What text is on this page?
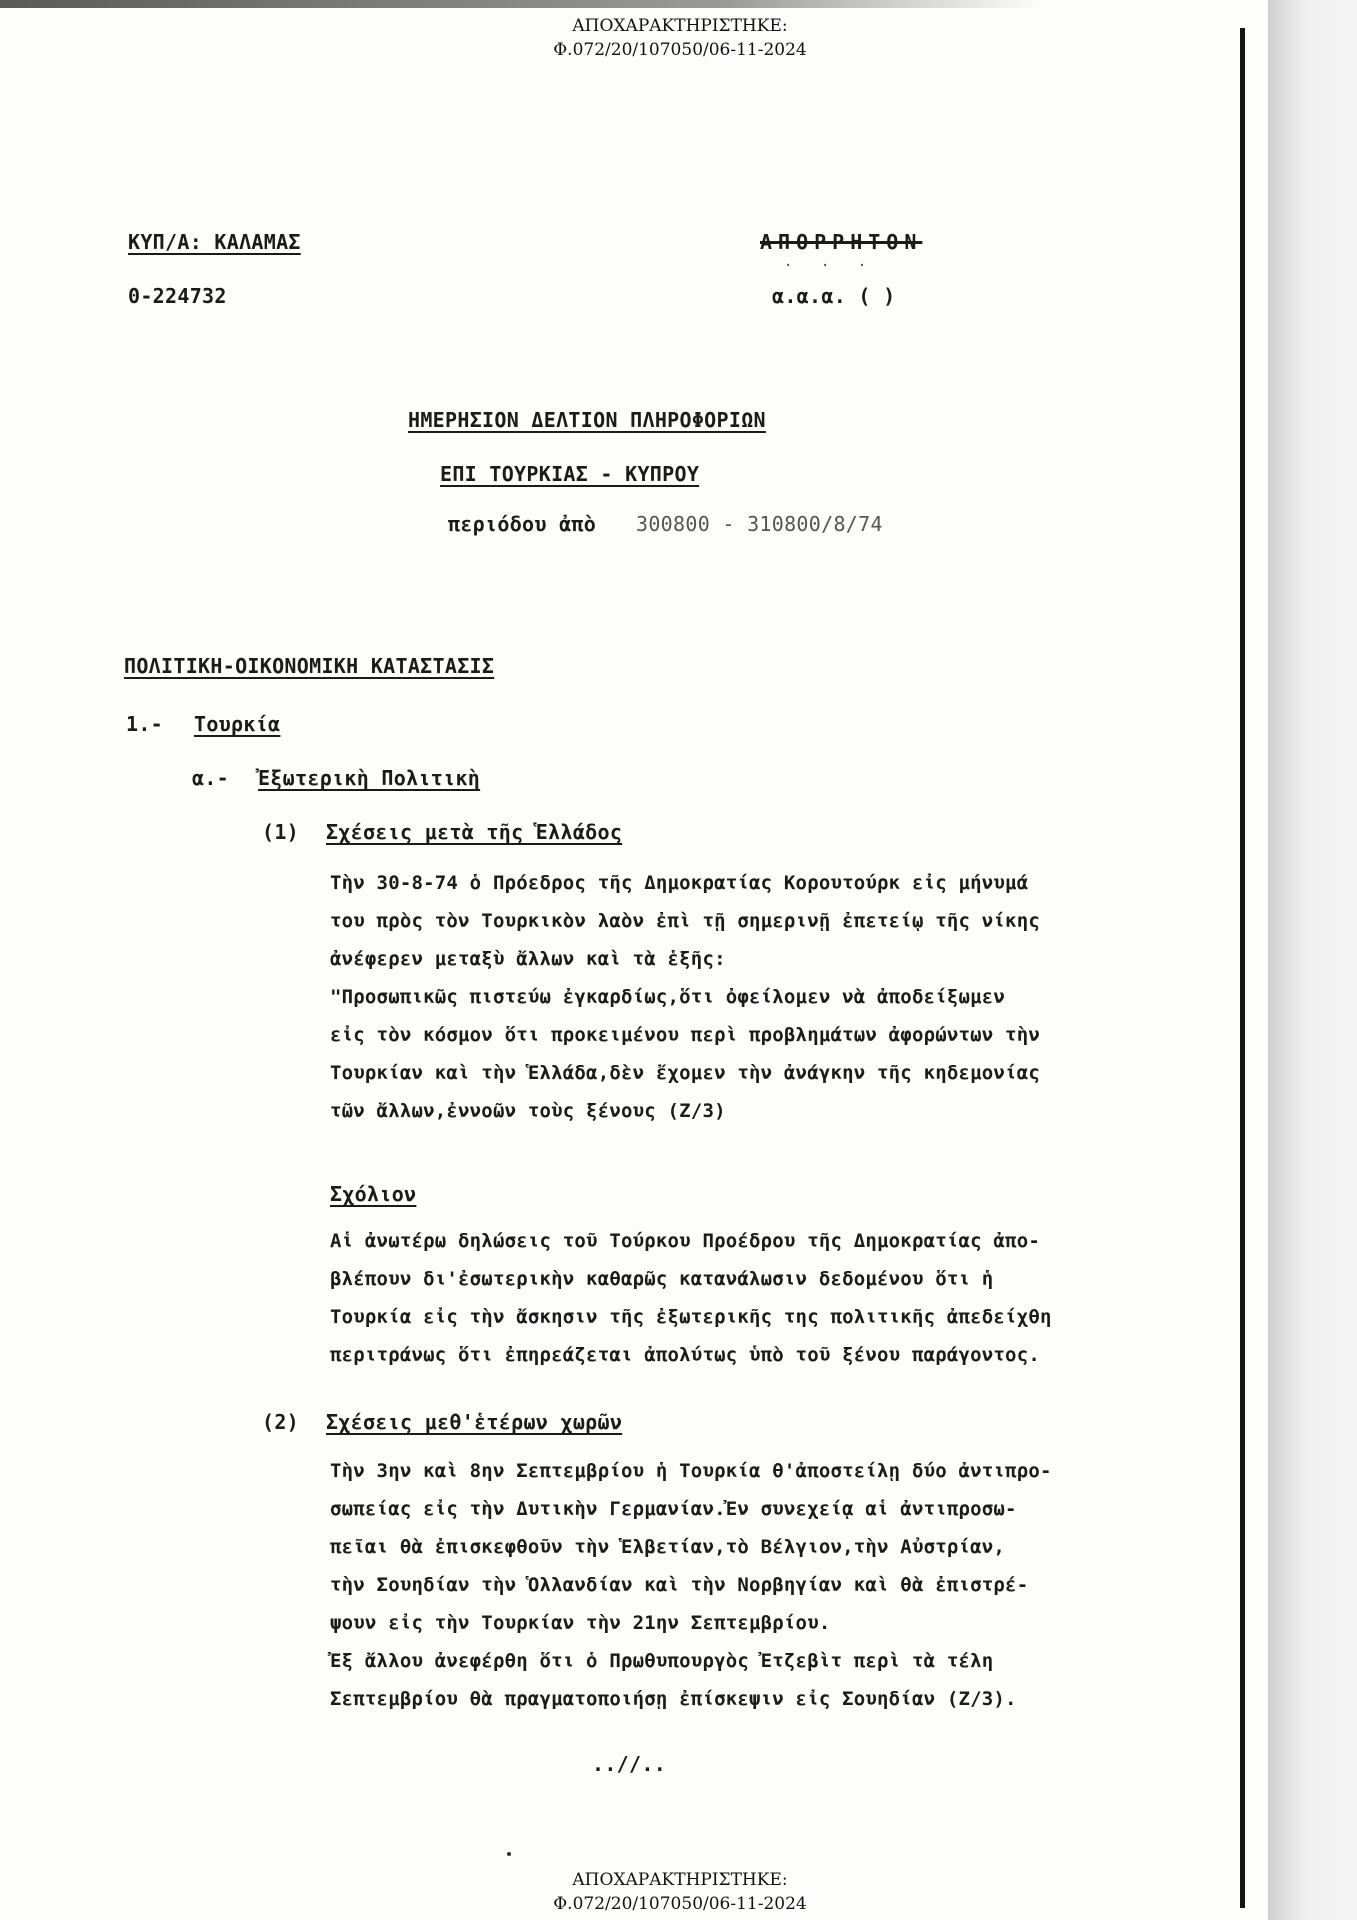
ΑΠΟΧΑΡΑΚΤΗΡΙΣΤΗΚΕ:
Φ.072/20/107050/06-11-2024
ΚΥΠ/Α: ΚΑΛΑΜΑΣ
0-224732
ΑΠΟΡΡΗΤΟΝ
· · ·
α.α.α. ( )
ΗΜΕΡΗΣΙΟΝ ΔΕΛΤΙΟΝ ΠΛΗΡΟΦΟΡΙΩΝ
ΕΠΙ ΤΟΥΡΚΙΑΣ - ΚΥΠΡΟΥ
περιόδου ἀπὸ 300800 - 310800/8/74
ΠΟΛΙΤΙΚΗ-ΟΙΚΟΝΟΜΙΚΗ ΚΑΤΑΣΤΑΣΙΣ
1.- Τουρκία
α.- Ἐξωτερικὴ Πολιτικὴ
(1) Σχέσεις μετὰ τῆς Ἑλλάδος
Τὴν 30-8-74 ὁ Πρόεδρος τῆς Δημοκρατίας Κορουτούρκ εἰς μήνυμά
του πρὸς τὸν Τουρκικὸν λαὸν ἐπὶ τῇ σημερινῇ ἐπετείῳ τῆς νίκης
ἀνέφερεν μεταξὺ ἄλλων καὶ τὰ ἑξῆς:
"Προσωπικῶς πιστεύω ἐγκαρδίως,ὅτι ὀφείλομεν νὰ ἀποδείξωμεν
εἰς τὸν κόσμον ὅτι πρoκειμένου περὶ προβλημάτων ἀφορώντων τὴν
Τουρκίαν καὶ τὴν Ἑλλάδα,δὲν ἔχομεν τὴν ἀνάγκην τῆς κηδεμονίας
τῶν ἄλλων,ἐννοῶν τοὺς ξένους (Ζ/3)
Σχόλιον
Αἱ ἀνωτέρω δηλώσεις τοῦ Τούρκου Προέδρου τῆς Δημοκρατίας ἀπο-
βλέπουν δι'ἐσωτερικὴν καθαρῶς κατανάλωσιν δεδομένου ὅτι ἡ
Τουρκία εἰς τὴν ἄσκησιν τῆς ἐξωτερικῆς της πολιτικῆς ἀπεδείχθη
περιτράνως ὅτι ἐπηρεάζεται ἀπολύτως ὑπὸ τοῦ ξένου παράγοντος.
(2) Σχέσεις μεθ'ἑτέρων χωρῶν
Τὴν 3ην καὶ 8ην Σεπτεμβρίου ἡ Τουρκία θ'ἀποστείλῃ δύο ἀντιπρο-
σωπείας εἰς τὴν Δυτικὴν Γερμανίαν.Ἐν συνεχείᾳ αἱ ἀντιπροσω-
πεῖαι θὰ ἐπισκεφθοῦν τὴν Ἑλβετίαν,τὸ Βέλγιον,τὴν Αὐστρίαν,
τὴν Σουηδίαν τὴν Ὁλλανδίαν καὶ τὴν Νορβηγίαν καὶ θὰ ἐπιστρέ-
ψουν εἰς τὴν Τουρκίαν τὴν 21ην Σεπτεμβρίου.
Ἐξ ἄλλου ἀνεφέρθη ὅτι ὁ Πρωθυπουργὸς Ἐτζεβὶτ περὶ τὰ τέλη
Σεπτεμβρίου θὰ πραγματοποιήσῃ ἐπίσκεψιν εἰς Σουηδίαν (Ζ/3).
..//..
ΑΠΟΧΑΡΑΚΤΗΡΙΣΤΗΚΕ:
Φ.072/20/107050/06-11-2024
